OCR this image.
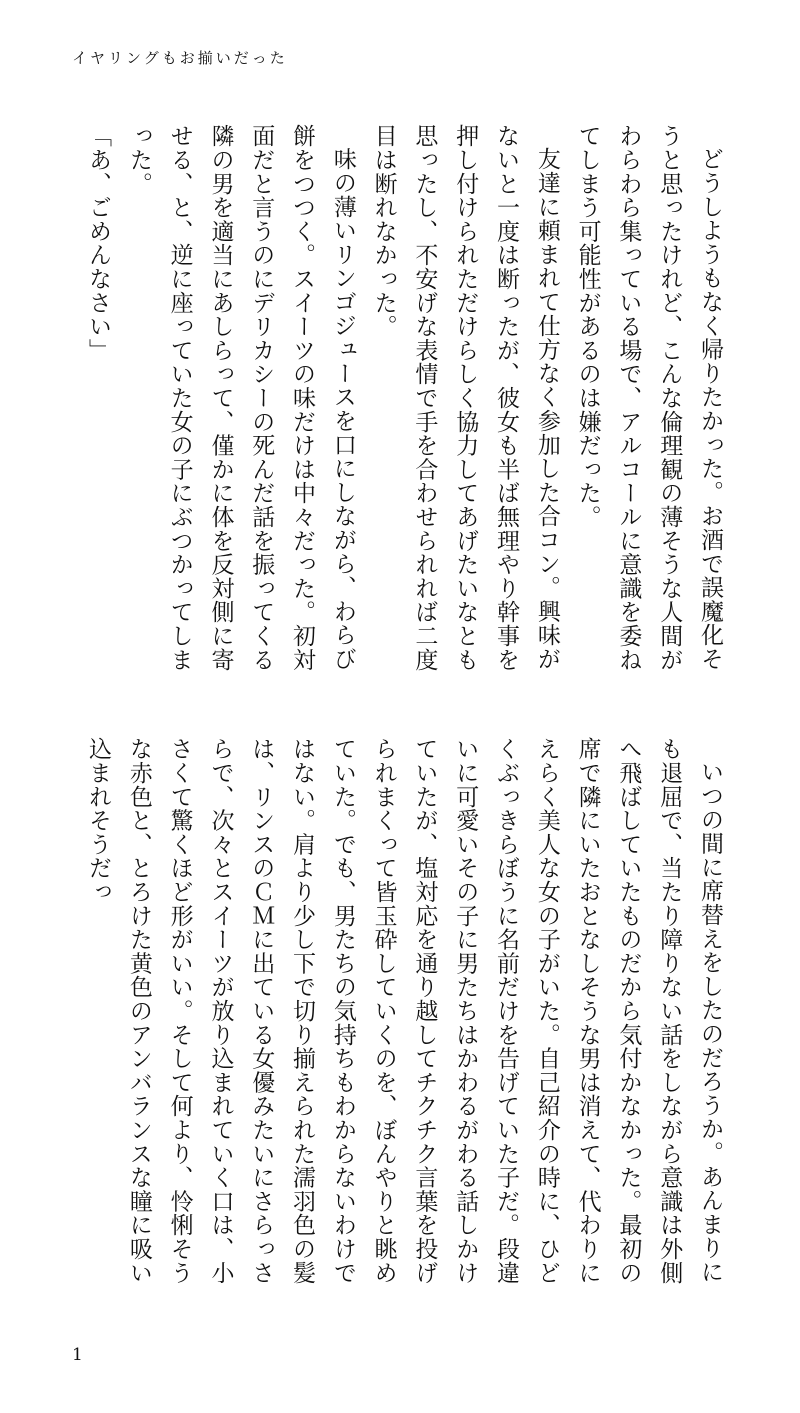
イヤリングもお揃いだった

どうしようもなく帰りたかった。お酒で誤魔化そうと思ったけれど、こんな倫理観の薄そうな人間がわらわら集っている場で、アルコールに意識を委ねてしまう可能性があるのは嫌だった。

友達に頼まれて仕方なく参加した合コン。興味がないと一度は断ったが、彼女も半ば無理やり幹事を押し付けられただけらしく協力してあげたいなとも思ったし、不安げな表情で手を合わせられれば二度目は断れなかった。

味の薄いリンゴジュースを口にしながら、わらび餅をつつく。スイーツの味だけは中々だった。初対面だと言うのにデリカシーの死んだ話を振ってくる隣の男を適当にあしらって、僅かに体を反対側に寄せる、と、逆に座っていた女の子にぶつかってしまった。

「あ、ごめんなさい」

いつの間に席替えをしたのだろうか。あんまりにも退屈で、当たり障りない話をしながら意識は外側へ飛ばしていたものだから気付かなかった。最初の席で隣にいたおとなしそうな男は消えて、代わりにえらく美人な女の子がいた。自己紹介の時に、ひどくぶっきらぼうに名前だけを告げていた子だ。段違いに可愛いその子に男たちはかわるがわる話しかけていたが、塩対応を通り越してチクチク言葉を投げられまくって皆玉砕していくのを、ぼんやりと眺めていた。でも、男たちの気持ちもわからないわけではない。肩より少し下で切り揃えられた濡羽色の髪は、リンスのＣＭに出ている女優みたいにさらっさらで、次々とスイーツが放り込まれていく口は、小さくて驚くほど形がいい。そして何より、怜悧そうな赤色と、とろけた黄色のアンバランスな瞳に吸い込まれそうだっ

1
